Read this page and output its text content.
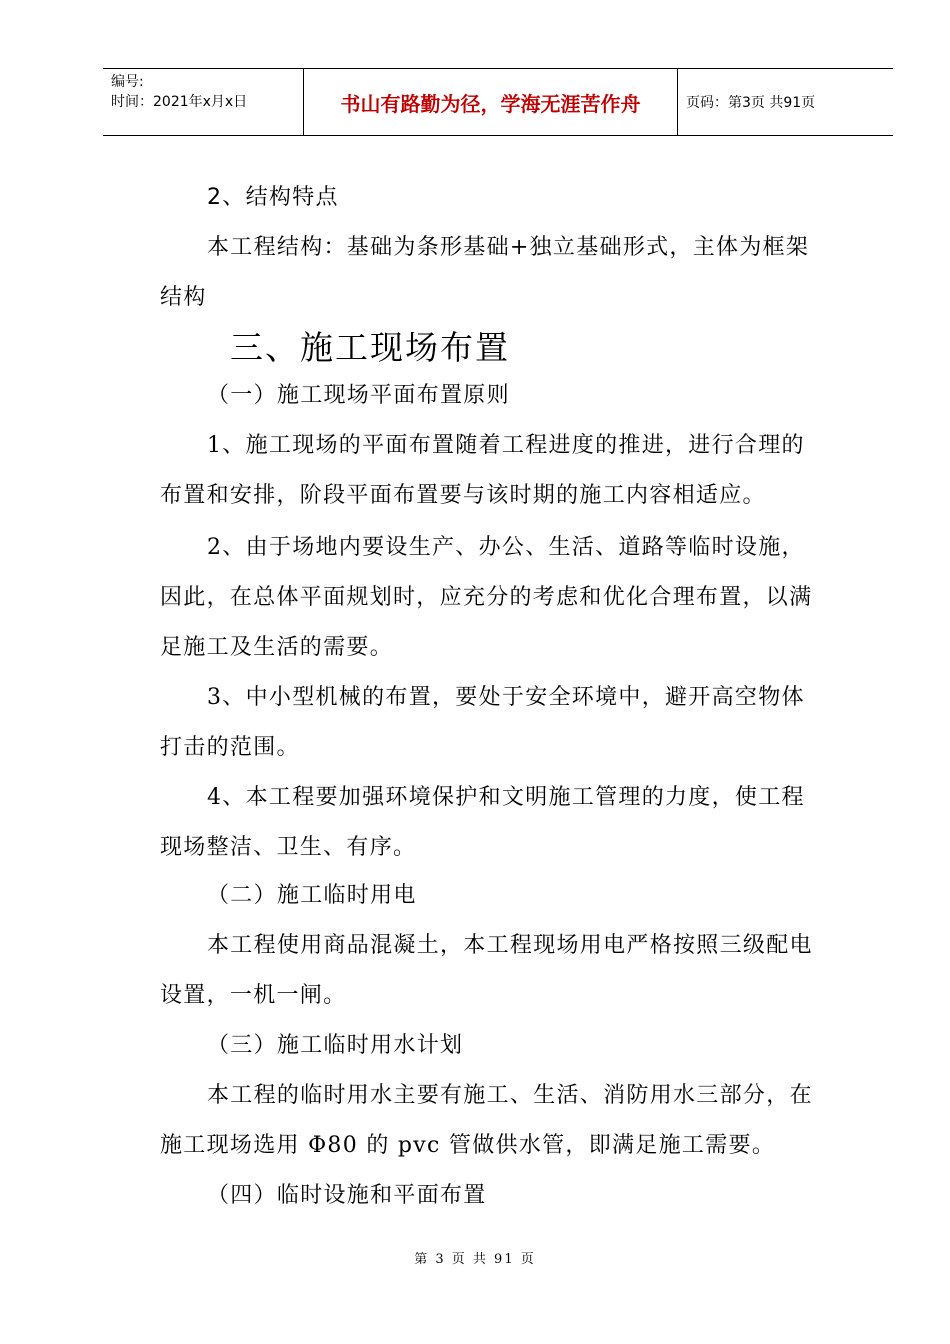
编号:
时间：2021年x月x日	书山有路勤为径，学海无涯苦作舟	页码：第3页 共91页
2、结构特点
本工程结构：基础为条形基础+独立基础形式，主体为框架
结构
三、施工现场布置
（一）施工现场平面布置原则
1、施工现场的平面布置随着工程进度的推进，进行合理的
布置和安排，阶段平面布置要与该时期的施工内容相适应。
2、由于场地内要设生产、办公、生活、道路等临时设施，
因此，在总体平面规划时，应充分的考虑和优化合理布置，以满
足施工及生活的需要。
3、中小型机械的布置，要处于安全环境中，避开高空物体
打击的范围。
4、本工程要加强环境保护和文明施工管理的力度，使工程
现场整洁、卫生、有序。
（二）施工临时用电
本工程使用商品混凝土，本工程现场用电严格按照三级配电
设置，一机一闸。
（三）施工临时用水计划
本工程的临时用水主要有施工、生活、消防用水三部分，在
施工现场选用 Φ80 的 pvc 管做供水管，即满足施工需要。
（四）临时设施和平面布置
第 3 页 共 91 页
